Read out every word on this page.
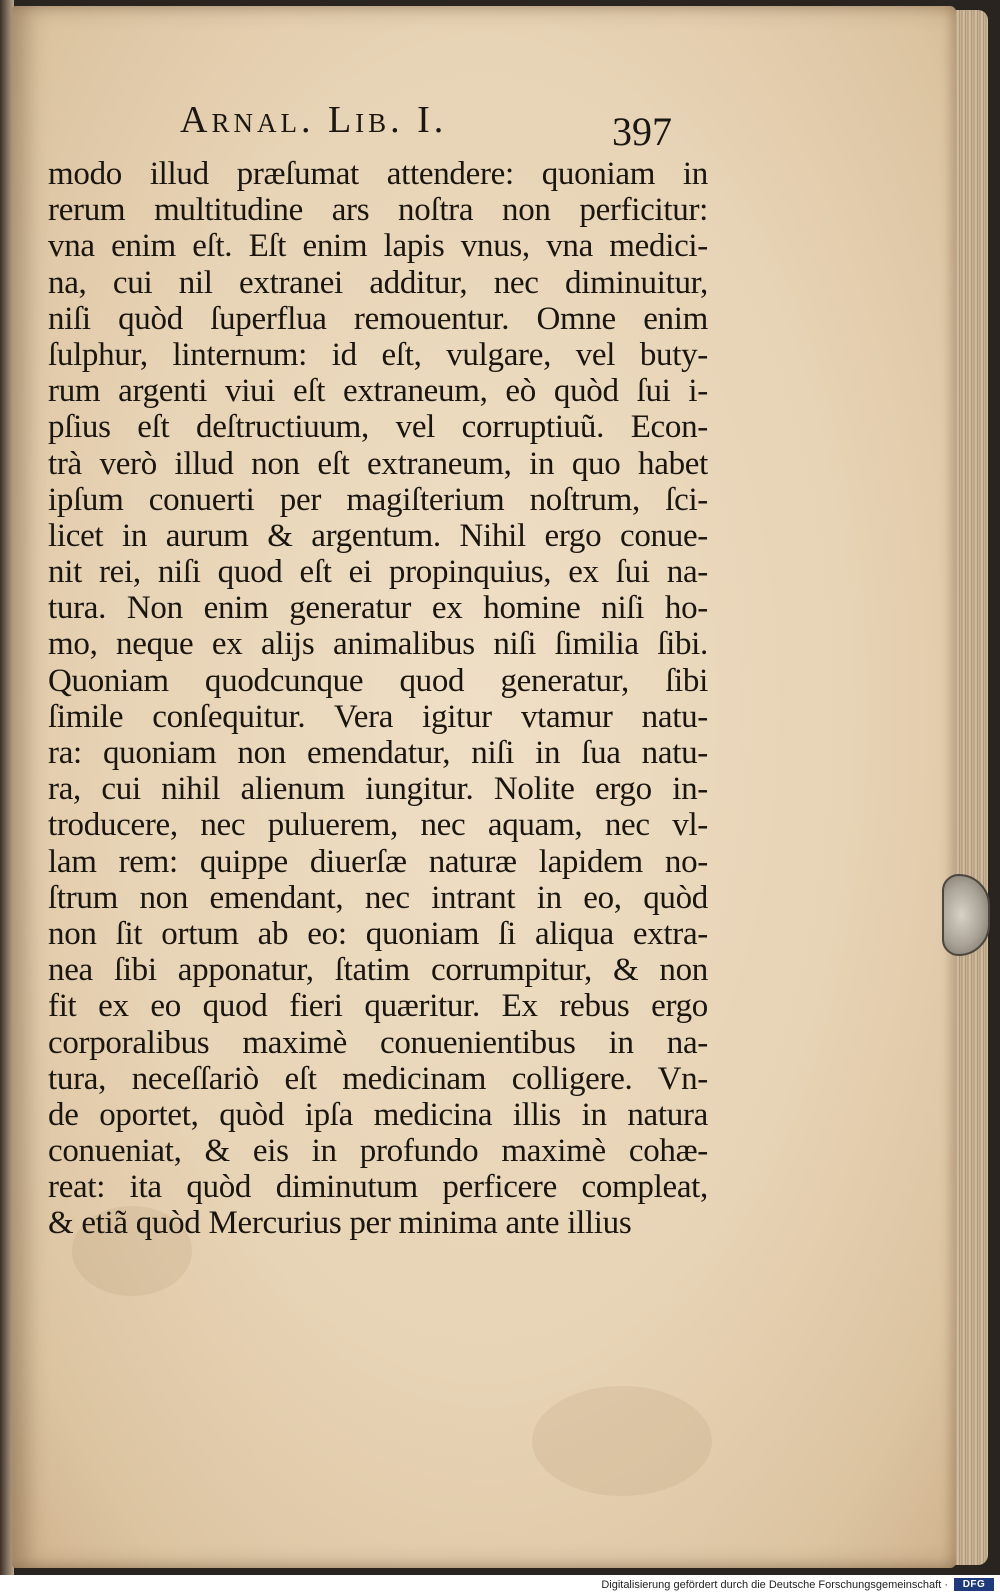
Arnal. Lib. I.	397
modo illud præſumat attendere: quoniam in
rerum multitudine ars noſtra non perficitur:
vna enim eſt. Eſt enim lapis vnus, vna medici-
na, cui nil extranei additur, nec diminuitur,
niſi quòd ſuperflua remouentur. Omne enim
ſulphur, linternum: id eſt, vulgare, vel buty-
rum argenti viui eſt extraneum, eò quòd ſui i-
pſius eſt deſtructiuum, vel corruptiuũ. Econ-
trà verò illud non eſt extraneum, in quo habet
ipſum conuerti per magiſterium noſtrum, ſci-
licet in aurum & argentum. Nihil ergo conue-
nit rei, niſi quod eſt ei propinquius, ex ſui na-
tura. Non enim generatur ex homine niſi ho-
mo, neque ex alijs animalibus niſi ſimilia ſibi.
Quoniam quodcunque quod generatur, ſibi
ſimile conſequitur. Vera igitur vtamur natu-
ra: quoniam non emendatur, niſi in ſua natu-
ra, cui nihil alienum iungitur. Nolite ergo in-
troducere, nec puluerem, nec aquam, nec vl-
lam rem: quippe diuerſæ naturæ lapidem no-
ſtrum non emendant, nec intrant in eo, quòd
non ſit ortum ab eo: quoniam ſi aliqua extra-
nea ſibi apponatur, ſtatim corrumpitur, & non
fit ex eo quod fieri quæritur. Ex rebus ergo
corporalibus maximè conuenientibus in na-
tura, neceſſariò eſt medicinam colligere. Vn-
de oportet, quòd ipſa medicina illis in natura
conueniat, & eis in profundo maximè cohæ-
reat: ita quòd diminutum perficere compleat,
& etiã quòd Mercurius per minima ante illius
Digitalisierung gefördert durch die Deutsche Forschungsgemeinschaft ·	DFG
